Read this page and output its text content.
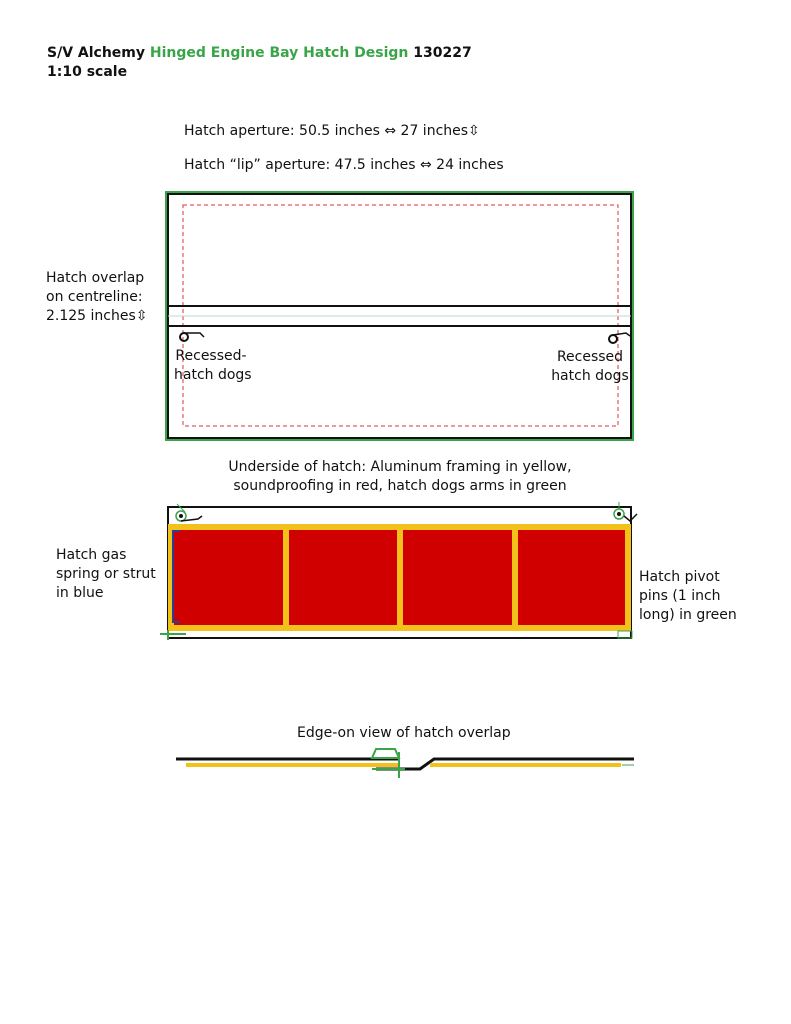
S/V Alchemy Hinged Engine Bay Hatch Design 130227
1:10 scale
Hatch aperture: 50.5 inches ⇔ 27 inches⇳
Hatch “lip” aperture: 47.5 inches ⇔ 24 inches
Hatch overlap
on centreline:
2.125 inches⇳
Recessed-
hatch dogs
Recessed
hatch dogs
Underside of hatch: Aluminum framing in yellow,
soundproofing in red, hatch dogs arms in green
Hatch gas
spring or strut
in blue
Hatch pivot
pins (1 inch
long) in green
Edge-on view of hatch overlap
